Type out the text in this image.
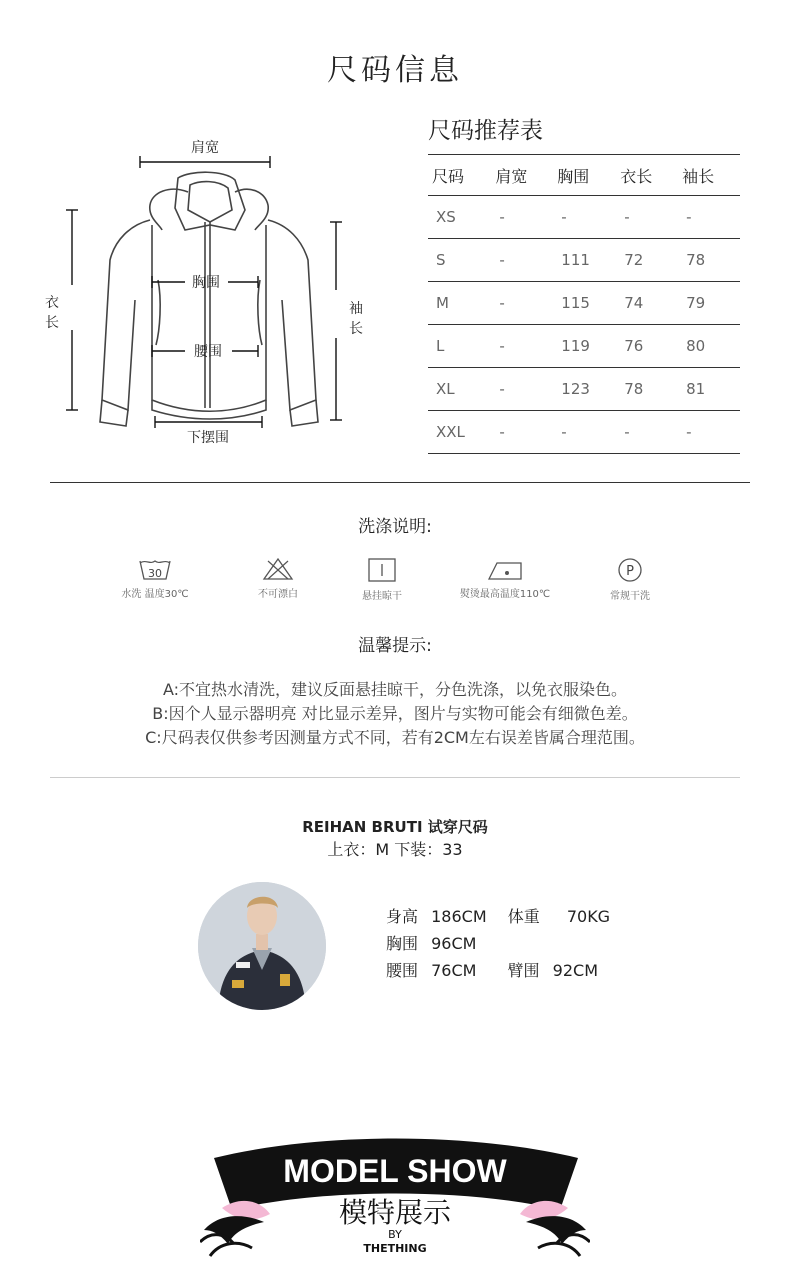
尺码信息
肩宽
胸围
腰围
下摆围
衣
长
袖
长
尺码推荐表
尺码	肩宽	胸围	衣长	袖长
XS	-	-	-	-
S	-	111	72	78
M	-	115	74	79
L	-	119	76	80
XL	-	123	78	81
XXL	-	-	-	-
洗涤说明:
30
水洗 温度30℃	不可漂白	悬挂晾干	熨烫最高温度110℃
P
常规干洗
温馨提示:
A:不宜热水清洗，建议反面悬挂晾干，分色洗涤，以免衣服染色。
B:因个人显示器明亮 对比显示差异，图片与实物可能会有细微色差。
C:尺码表仅供参考因测量方式不同，若有2CM左右误差皆属合理范围。
REIHAN BRUTI 试穿尺码
上衣：M 下装：33
身高 186CM 体重 70KG
胸围 96CM
腰围 76CM 臂围 92CM
MODEL SHOW
模特展示
BY
THETHING
